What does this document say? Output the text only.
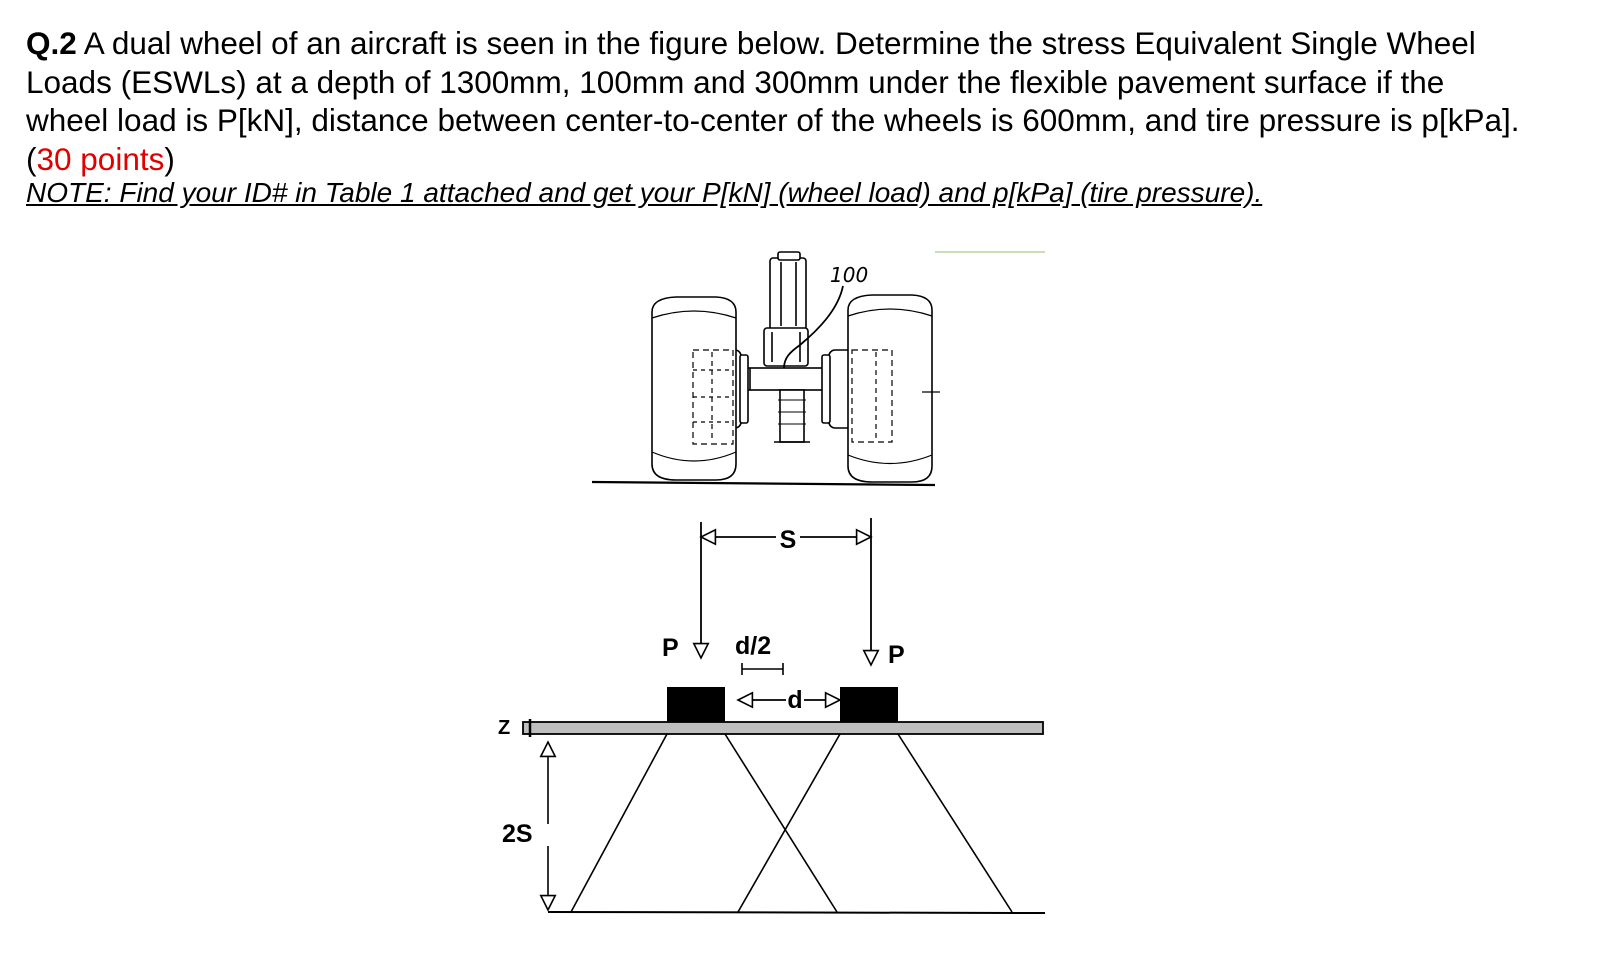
Q.2 A dual wheel of an aircraft is seen in the figure below. Determine the stress Equivalent Single Wheel Loads (ESWLs) at a depth of 1300mm, 100mm and 300mm under the flexible pavement surface if the wheel load is P[kN], distance between center-to-center of the wheels is 600mm, and tire pressure is p[kPa]. (30 points)

NOTE: Find your ID# in Table 1 attached and get your P[kN] (wheel load) and p[kPa] (tire pressure).

100
S
P	P
d/2
d
Z
2S
